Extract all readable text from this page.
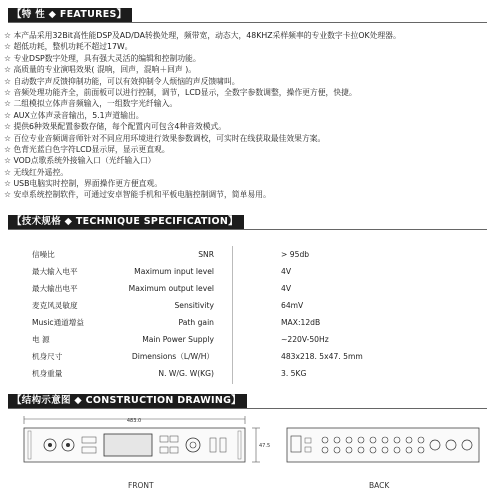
【特 性 ◆ FEATURES】
☆ 本产品采用32Bit高性能DSP及AD/DA转换处理，频带宽，动态大，48KHZ采样频率的专业数字卡拉OK处理器。
☆ 超低功耗，整机功耗不超过17W。
☆ 专业DSP数字处理，具有强大灵活的编辑和控制功能。
☆ 高质量的专业演唱效果( 混响，回声，混响＋回声 )。
☆ 自动数字声反馈抑制功能，可以有效抑制令人烦恼的声反馈啸叫。
☆ 音频处理功能齐全，前面板可以进行控制，调节，LCD显示，全数字参数调整，操作更方便，快捷。
☆ 二组模拟立体声音频输入，一组数字光纤输入。
☆ AUX立体声录音输出，5.1声道输出。
☆ 提供6种效果配置参数存储，每个配置内可包含4种音效模式。
☆ 百位专业音频调音师针对不同应用环境进行效果参数调校，可实时在线获取最佳效果方案。
☆ 色背光蓝白色字符LCD显示屏，显示更直观。
☆ VOD点歌系统外接输入口（光纤输入口）
☆ 无线红外遥控。
☆ USB电脑实时控制，界面操作更方便直观。
☆ 安卓系统控制软件，可通过安卓智能手机和平板电脑控制调节，简单易用。
【技术规格 ◆ TECHNIQUE SPECIFICATION】
信噪比	SNR	> 95db
最大输入电平	Maximum input level	4V
最大输出电平	Maximum output level	4V
麦克风灵敏度	Sensitivity	64mV
Music通道增益	Path gain	MAX:12dB
电 源	Main Power Supply	~220V-50Hz
机身尺寸	Dimensions（L/W/H）	483x218. 5x47. 5mm
机身重量	N. W/G. W(KG)	3. 5KG
【结构示意图 ◆ CONSTRUCTION DRAWING】
483.0
47.5
FRONT	BACK
